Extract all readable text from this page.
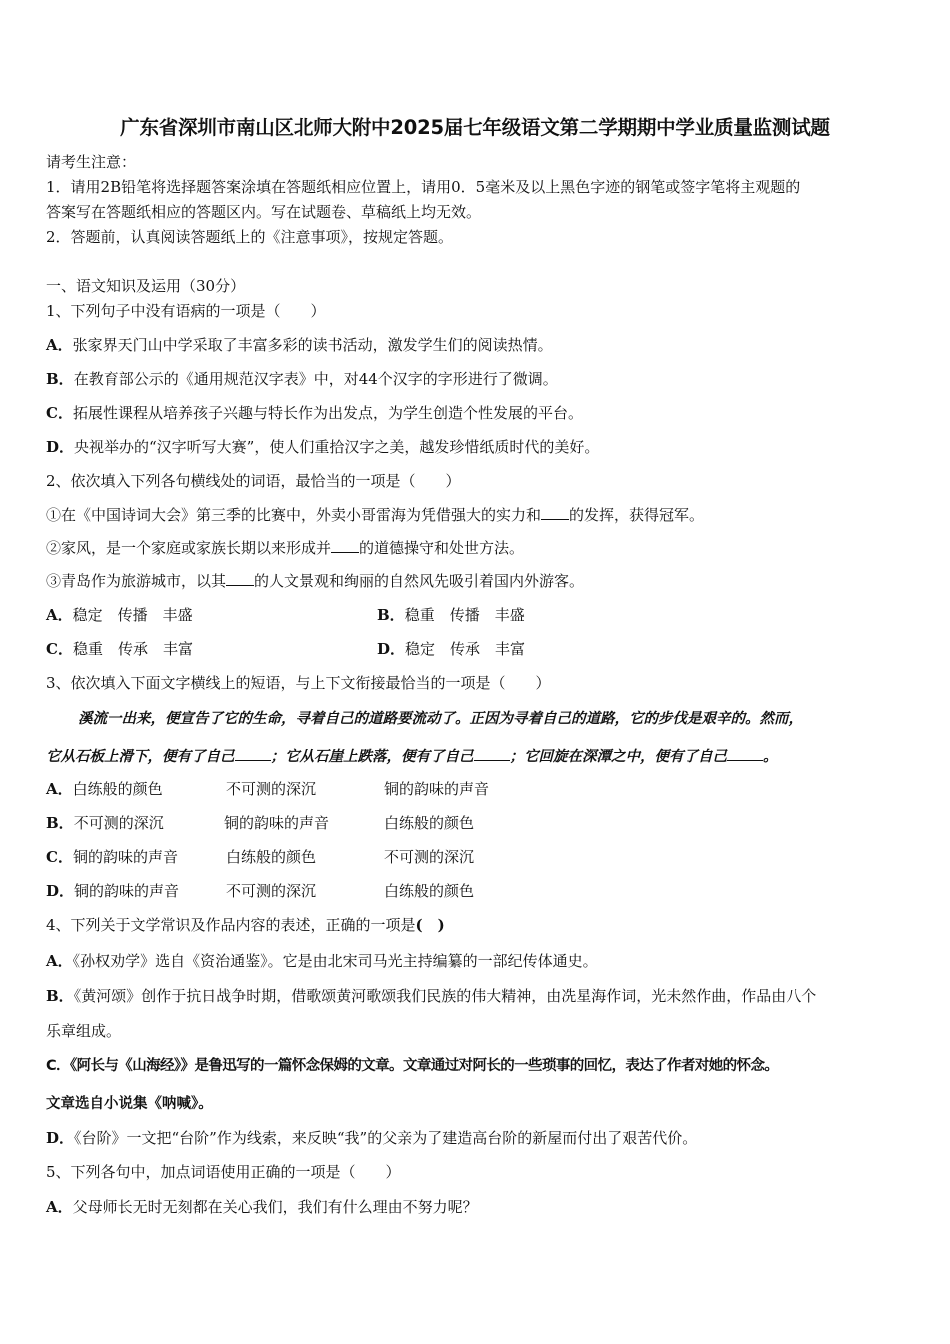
广东省深圳市南山区北师大附中2025届七年级语文第二学期期中学业质量监测试题
请考生注意：
1．请用2B铅笔将选择题答案涂填在答题纸相应位置上，请用0．5毫米及以上黑色字迹的钢笔或签字笔将主观题的
答案写在答题纸相应的答题区内。写在试题卷、草稿纸上均无效。
2．答题前，认真阅读答题纸上的《注意事项》，按规定答题。
一、语文知识及运用（30分）
1、下列句子中没有语病的一项是（　　）
A．张家界天门山中学采取了丰富多彩的读书活动，激发学生们的阅读热情。
B．在教育部公示的《通用规范汉字表》中，对44个汉字的字形进行了微调。
C．拓展性课程从培养孩子兴趣与特长作为出发点，为学生创造个性发展的平台。
D．央视举办的“汉字听写大赛”，使人们重拾汉字之美，越发珍惜纸质时代的美好。
2、依次填入下列各句横线处的词语，最恰当的一项是（　　）
①在《中国诗词大会》第三季的比赛中，外卖小哥雷海为凭借强大的实力和 的发挥，获得冠军。
②家风，是一个家庭或家族长期以来形成并 的道德操守和处世方法。
③青岛作为旅游城市，以其 的人文景观和绚丽的自然风先吸引着国内外游客。
A．稳定　传播　丰盛	B．稳重　传播　丰盛
C．稳重　传承　丰富	D．稳定　传承　丰富
3、依次填入下面文字横线上的短语，与上下文衔接最恰当的一项是（　　）
溪流一出来，便宣告了它的生命，寻着自己的道路要流动了。正因为寻着自己的道路，它的步伐是艰辛的。然而，
它从石板上滑下，便有了自己 ；它从石崖上跌落，便有了自己 ；它回旋在深潭之中，便有了自己 。
A．白练般的颜色	不可测的深沉	铜的韵味的声音
B．不可测的深沉	铜的韵味的声音	白练般的颜色
C．铜的韵味的声音	白练般的颜色	不可测的深沉
D．铜的韵味的声音	不可测的深沉	白练般的颜色
4、下列关于文学常识及作品内容的表述，正确的一项是(　)
A．《孙权劝学》选自《资治通鉴》。它是由北宋司马光主持编纂的一部纪传体通史。
B．《黄河颂》创作于抗日战争时期，借歌颂黄河歌颂我们民族的伟大精神，由冼星海作词，光未然作曲，作品由八个
乐章组成。
C．《阿长与《山海经》》是鲁迅写的一篇怀念保姆的文章。文章通过对阿长的一些琐事的回忆，表达了作者对她的怀念。
文章选自小说集《呐喊》。
D．《台阶》一文把“台阶”作为线索，来反映“我”的父亲为了建造高台阶的新屋而付出了艰苦代价。
5、下列各句中，加点词语使用正确的一项是（　　）
A．父母师长无时无刻都在关心我们，我们有什么理由不努力呢？
